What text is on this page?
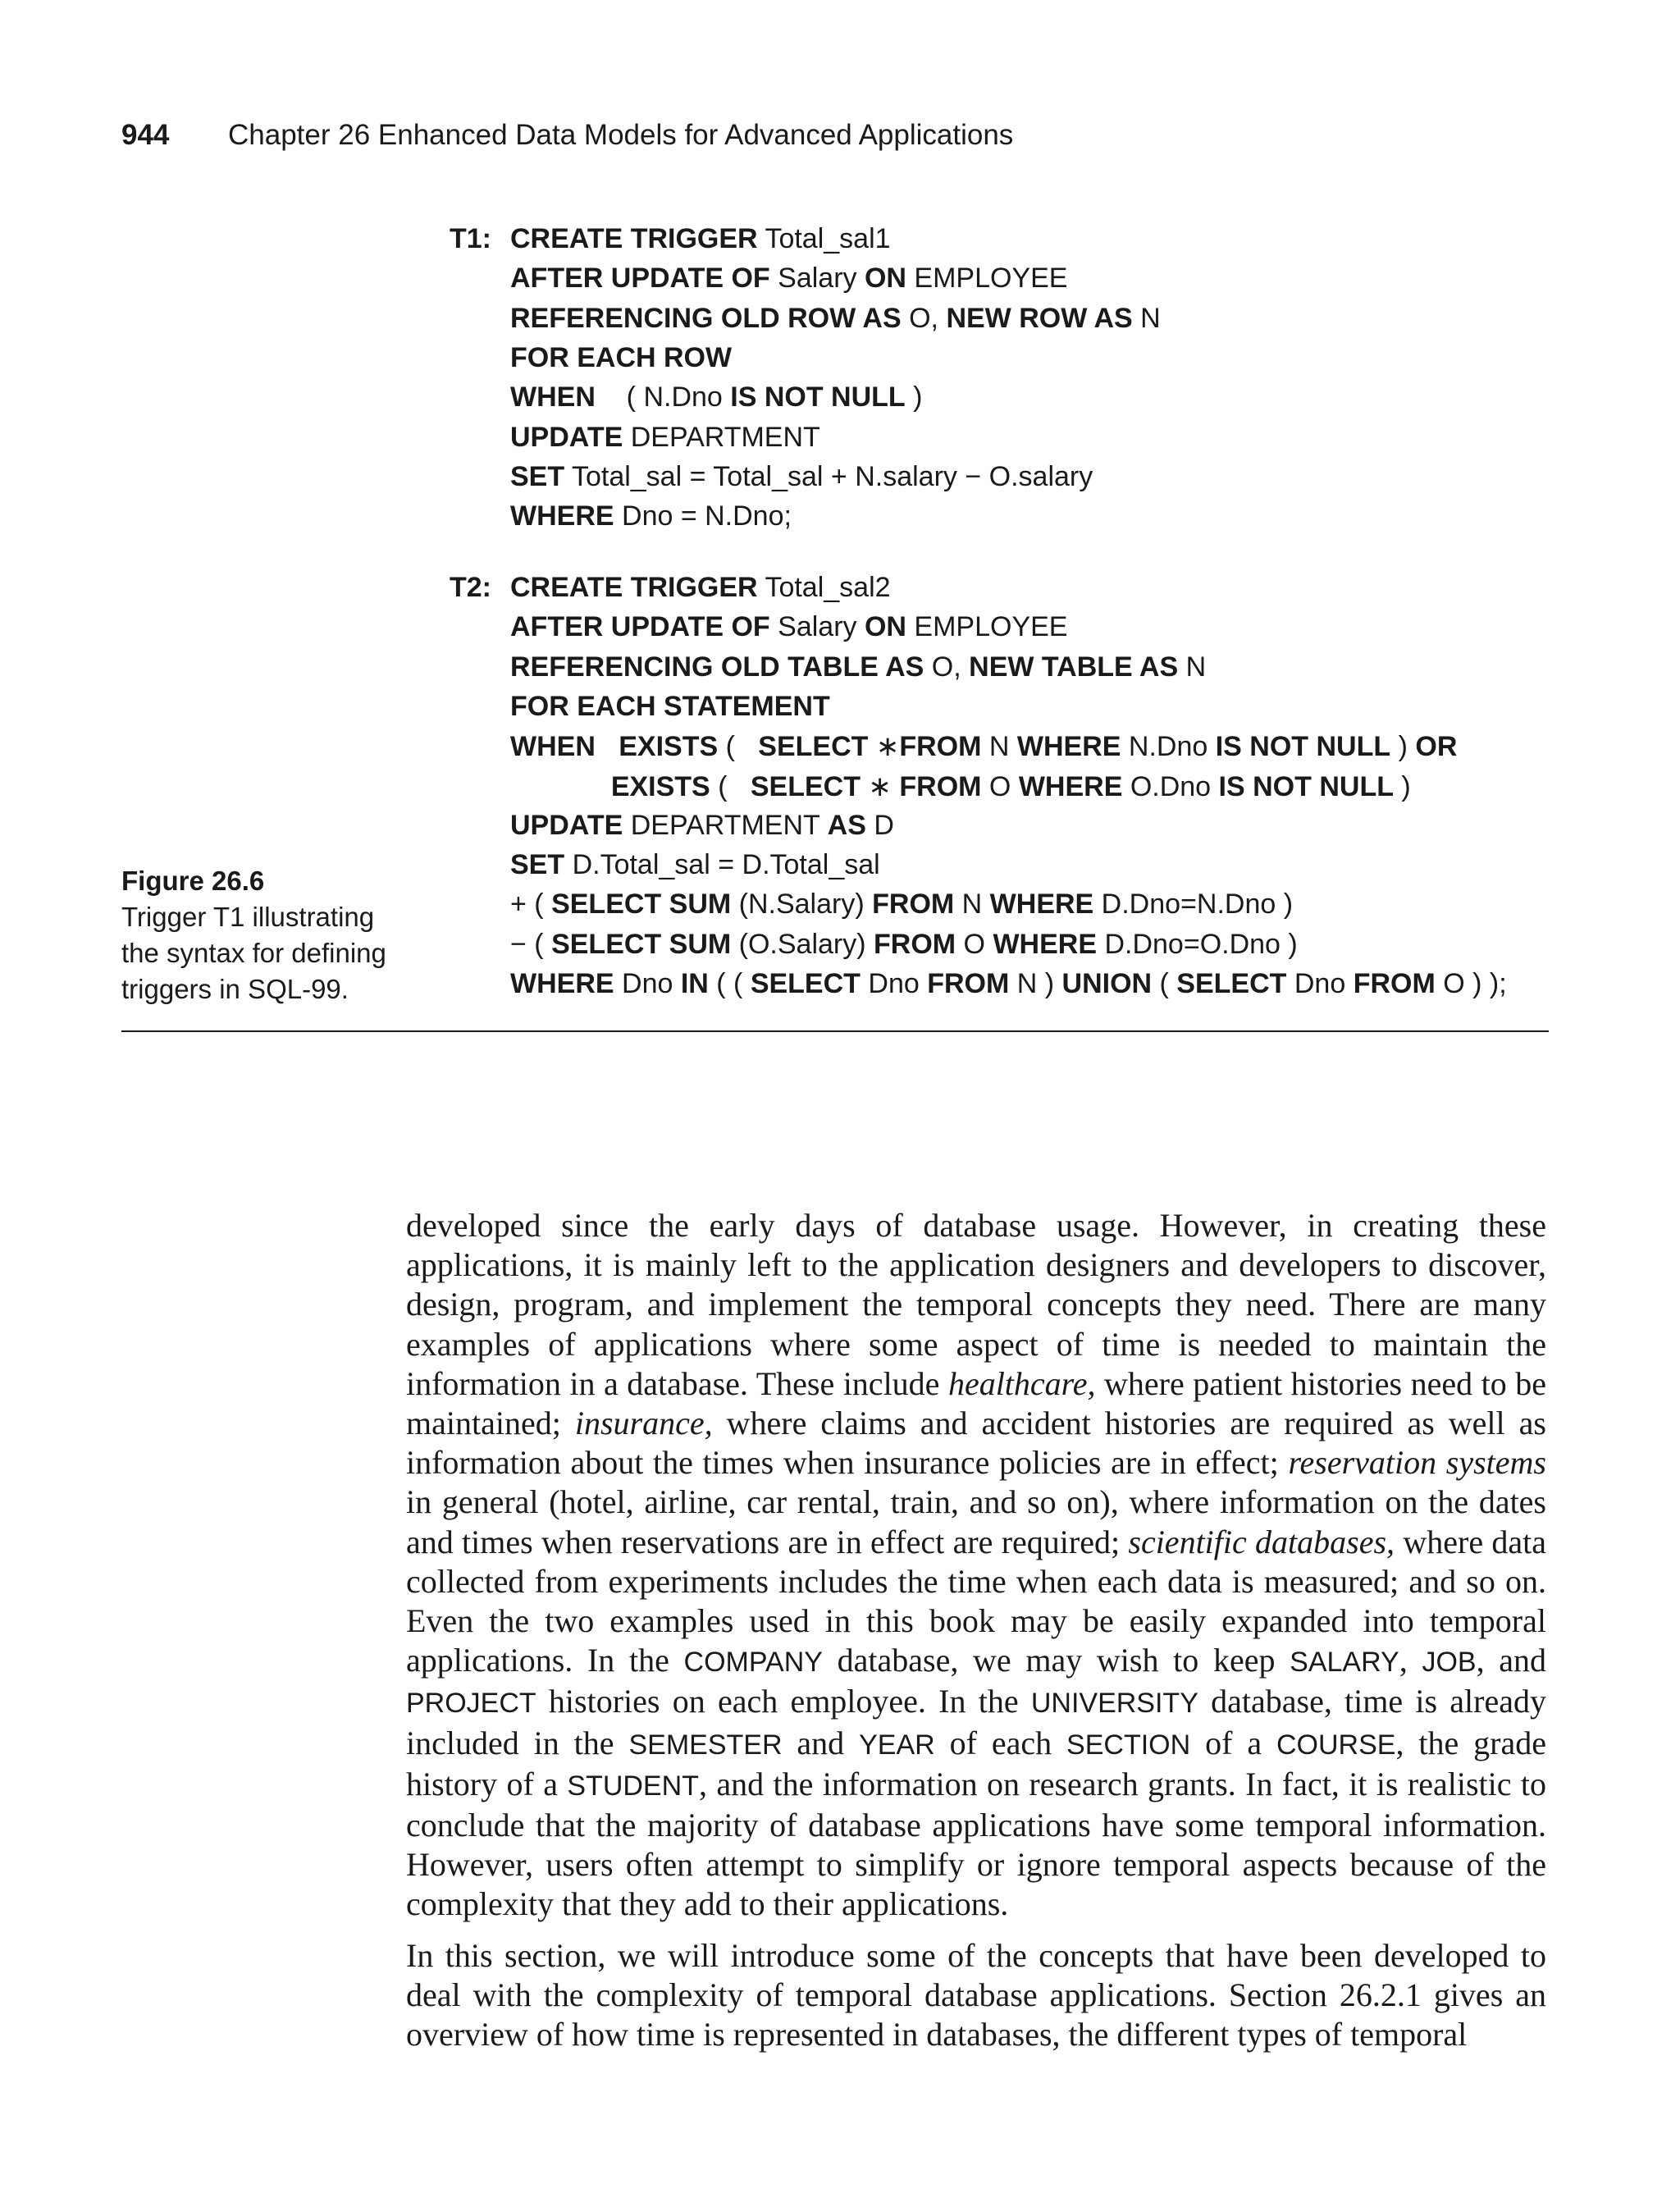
944 Chapter 26 Enhanced Data Models for Advanced Applications
T1: CREATE TRIGGER Total_sal1
AFTER UPDATE OF Salary ON EMPLOYEE
REFERENCING OLD ROW AS O, NEW ROW AS N
FOR EACH ROW
WHEN    ( N.Dno IS NOT NULL )
UPDATE DEPARTMENT
SET Total_sal = Total_sal + N.salary − O.salary
WHERE Dno = N.Dno;
T2: CREATE TRIGGER Total_sal2
AFTER UPDATE OF Salary ON EMPLOYEE
REFERENCING OLD TABLE AS O, NEW TABLE AS N
FOR EACH STATEMENT
WHEN EXISTS (   SELECT ∗FROM N WHERE N.Dno IS NOT NULL ) OR
EXISTS (   SELECT ∗ FROM O WHERE O.Dno IS NOT NULL )
UPDATE DEPARTMENT AS D
SET D.Total_sal = D.Total_sal
+ ( SELECT SUM (N.Salary) FROM N WHERE D.Dno=N.Dno )
− ( SELECT SUM (O.Salary) FROM O WHERE D.Dno=O.Dno )
WHERE Dno IN ( ( SELECT Dno FROM N ) UNION ( SELECT Dno FROM O ) );
Figure 26.6
Trigger T1 illustrating
the syntax for defining
triggers in SQL-99.

developed since the early days of database usage. However, in creating these applications, it is mainly left to the application designers and developers to discover, design, program, and implement the temporal concepts they need. There are many examples of applications where some aspect of time is needed to maintain the information in a database. These include healthcare, where patient histories need to be maintained; insurance, where claims and accident histories are required as well as information about the times when insurance policies are in effect; reservation systems in general (hotel, airline, car rental, train, and so on), where information on the dates and times when reservations are in effect are required; scientific databases, where data collected from experiments includes the time when each data is measured; and so on. Even the two examples used in this book may be easily expanded into temporal applications. In the COMPANY database, we may wish to keep SALARY, JOB, and PROJECT histories on each employee. In the UNIVERSITY database, time is already included in the SEMESTER and YEAR of each SECTION of a COURSE, the grade history of a STUDENT, and the information on research grants. In fact, it is realistic to conclude that the majority of database applications have some temporal information. However, users often attempt to simplify or ignore temporal aspects because of the complexity that they add to their applications.

In this section, we will introduce some of the concepts that have been developed to deal with the complexity of temporal database applications. Section 26.2.1 gives an overview of how time is represented in databases, the different types of temporal
